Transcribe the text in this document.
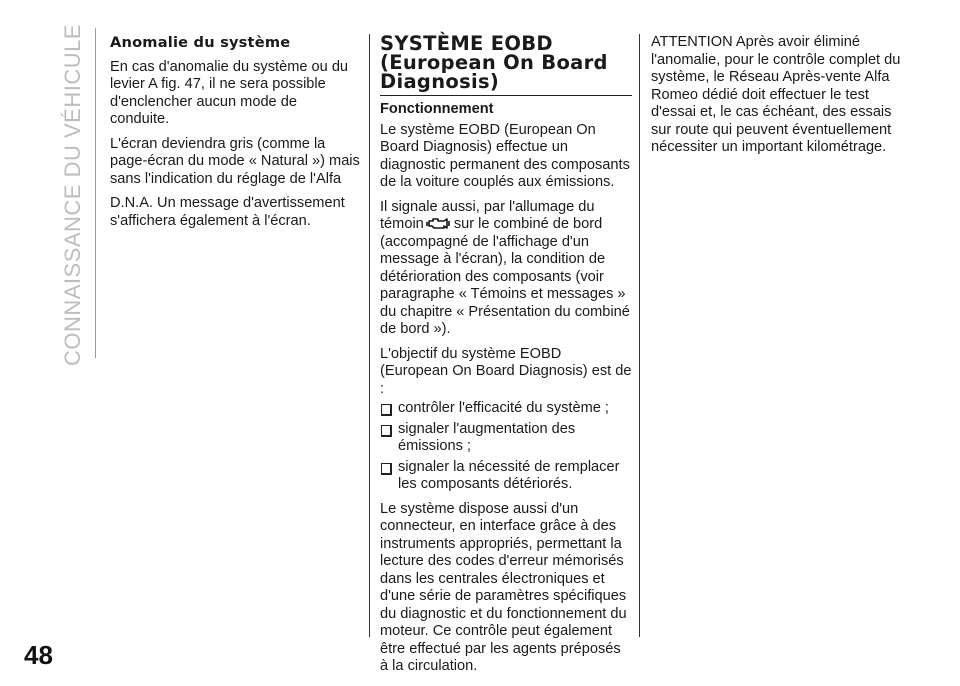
CONNAISSANCE DU VÉHICULE
48
Anomalie du système

En cas d'anomalie du système ou du levier A fig. 47, il ne sera possible d'enclencher aucun mode de conduite.

L'écran deviendra gris (comme la page-écran du mode « Natural ») mais sans l'indication du réglage de l'Alfa

D.N.A. Un message d'avertissement s'affichera également à l'écran.

SYSTÈME EOBD (European On Board Diagnosis)
Fonctionnement

Le système EOBD (European On Board Diagnosis) effectue un diagnostic permanent des composants de la voiture couplés aux émissions.

Il signale aussi, par l'allumage du témoin sur le combiné de bord (accompagné de l'affichage d'un message à l'écran), la condition de détérioration des composants (voir paragraphe « Témoins et messages » du chapitre « Présentation du combiné de bord »).

L'objectif du système EOBD (European On Board Diagnosis) est de :

contrôler l'efficacité du système ;
signaler l'augmentation des émissions ;
signaler la nécessité de remplacer les composants détériorés.

Le système dispose aussi d'un connecteur, en interface grâce à des instruments appropriés, permettant la lecture des codes d'erreur mémorisés dans les centrales électroniques et d'une série de paramètres spécifiques du diagnostic et du fonctionnement du moteur. Ce contrôle peut également être effectué par les agents préposés à la circulation.

ATTENTION Après avoir éliminé l'anomalie, pour le contrôle complet du système, le Réseau Après-vente Alfa Romeo dédié doit effectuer le test d'essai et, le cas échéant, des essais sur route qui peuvent éventuellement nécessiter un important kilométrage.
